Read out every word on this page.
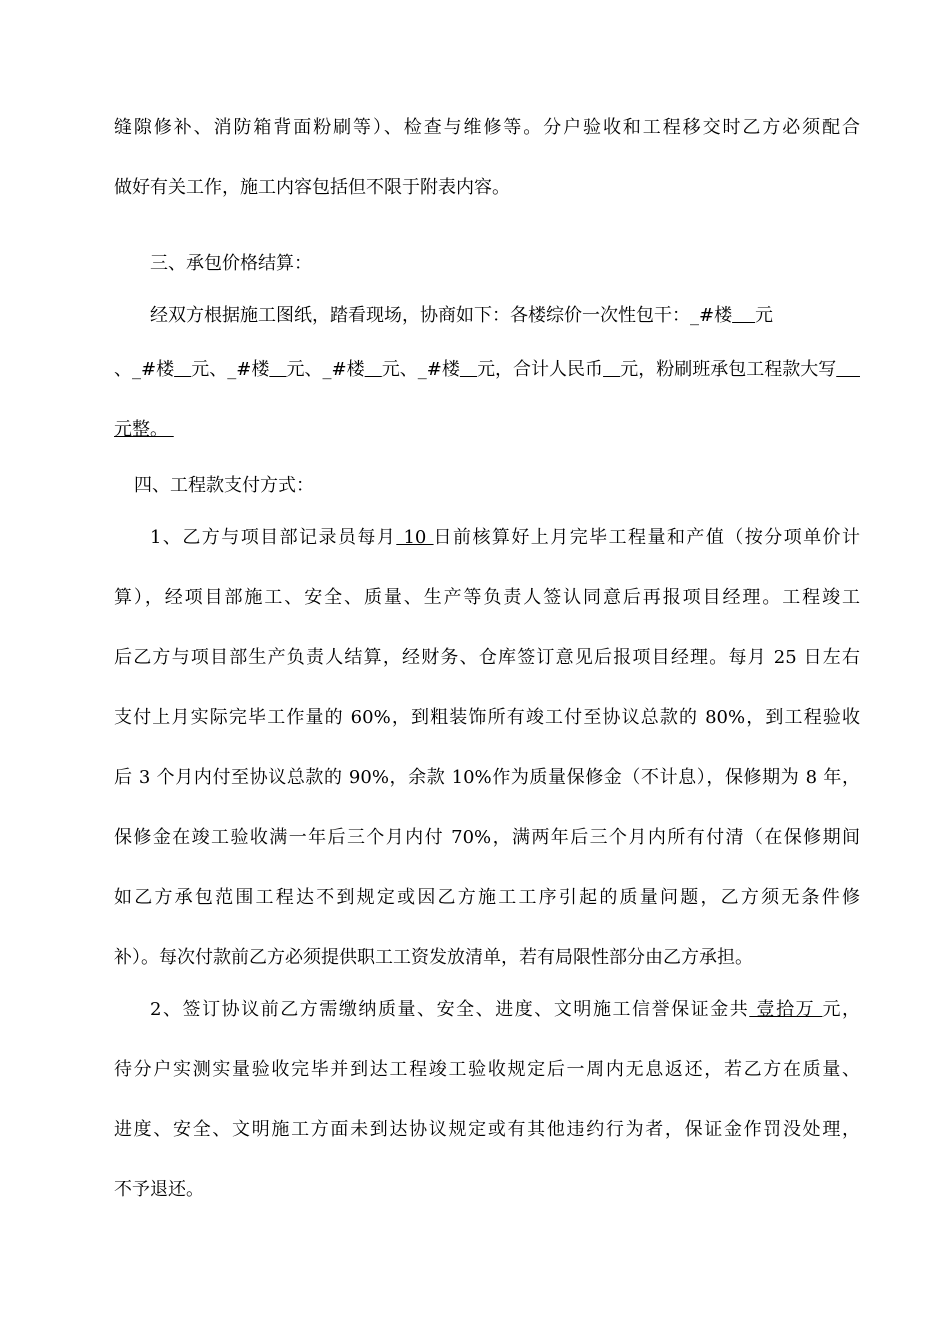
缝隙修补、消防箱背面粉刷等）、检查与维修等。分户验收和工程移交时乙方必须配合
做好有关工作，施工内容包括但不限于附表内容。
三、承包价格结算：
经双方根据施工图纸，踏看现场，协商如下：各楼综价一次性包干：_#楼 元
、_#楼 元、_#楼 元、_#楼 元、_#楼 元，合计人民币 元，粉刷班承包工程款大写
元整。
四、工程款支付方式：
1、乙方与项目部记录员每月 10 日前核算好上月完毕工程量和产值（按分项单价计
算），经项目部施工、安全、质量、生产等负责人签认同意后再报项目经理。工程竣工
后乙方与项目部生产负责人结算，经财务、仓库签订意见后报项目经理。每月 25 日左右
支付上月实际完毕工作量的 60%，到粗装饰所有竣工付至协议总款的 80%，到工程验收
后 3 个月内付至协议总款的 90%，余款 10%作为质量保修金（不计息），保修期为 8 年，
保修金在竣工验收满一年后三个月内付 70%，满两年后三个月内所有付清（在保修期间
如乙方承包范围工程达不到规定或因乙方施工工序引起的质量问题，乙方须无条件修
补）。每次付款前乙方必须提供职工工资发放清单，若有局限性部分由乙方承担。
2、签订协议前乙方需缴纳质量、安全、进度、文明施工信誉保证金共 壹拾万 元，
待分户实测实量验收完毕并到达工程竣工验收规定后一周内无息返还，若乙方在质量、
进度、安全、文明施工方面未到达协议规定或有其他违约行为者，保证金作罚没处理，
不予退还。
